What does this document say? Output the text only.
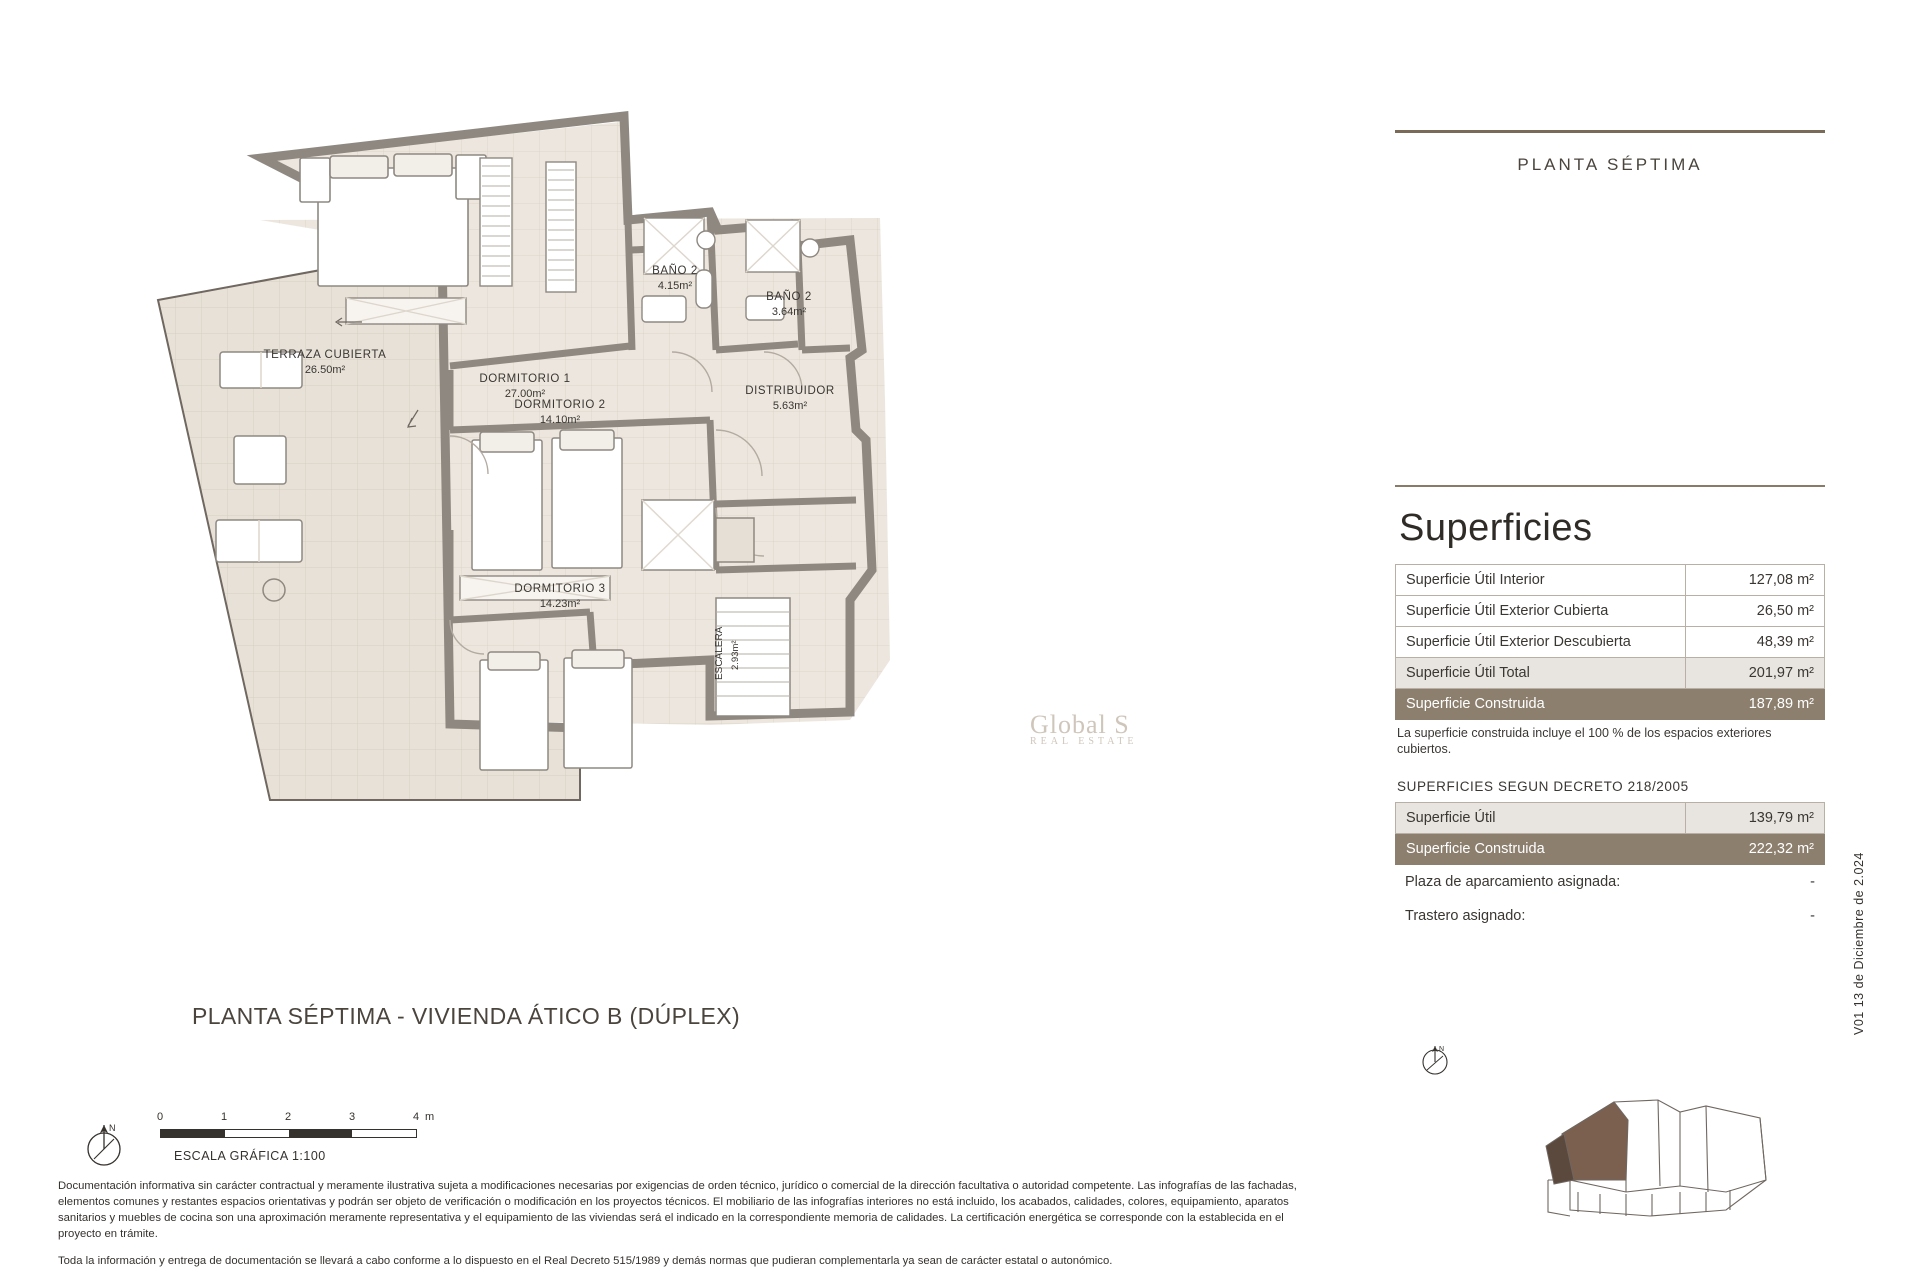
DORMITORIO 1
27.00m²
TERRAZA CUBIERTA
26.50m²
BAÑO 2
4.15m²
BAÑO 2
3.64m²
DISTRIBUIDOR
5.63m²
DORMITORIO 2
14.10m²
DORMITORIO 3
14.23m²
ESCALERA 2.93m²
Global S
REAL ESTATE
PLANTA SÉPTIMA
Superficies
Superficie Útil Interior	127,08 m²
Superficie Útil Exterior Cubierta	26,50 m²
Superficie Útil Exterior Descubierta	48,39 m²
Superficie Útil Total	201,97 m²
Superficie Construida	187,89 m²
La superficie construida incluye el 100 % de los espacios exteriores cubiertos.
SUPERFICIES SEGUN DECRETO 218/2005
Superficie Útil	139,79 m²
Superficie Construida	222,32 m²
Plaza de aparcamiento asignada:	-
Trastero asignado:	-
PLANTA SÉPTIMA - VIVIENDA ÁTICO B (DÚPLEX)
N
0	1	2	3	4 m
ESCALA GRÁFICA 1:100

Documentación informativa sin carácter contractual y meramente ilustrativa sujeta a modificaciones necesarias por exigencias de orden técnico, jurídico o comercial de la dirección facultativa o autoridad competente. Las infografías de las fachadas, elementos comunes y restantes espacios orientativas y podrán ser objeto de verificación o modificación en los proyectos técnicos. El mobiliario de las infografías interiores no está incluido, los acabados, calidades, colores, equipamiento, aparatos sanitarios y muebles de cocina son una aproximación meramente representativa y el equipamiento de las viviendas será el indicado en la correspondiente memoria de calidades. La certificación energética se corresponde con la establecida en el proyecto en trámite.

Toda la información y entrega de documentación se llevará a cabo conforme a lo dispuesto en el Real Decreto 515/1989 y demás normas que pudieran complementarla ya sean de carácter estatal o autonómico.

N
V01 13 de Diciembre de 2.024
